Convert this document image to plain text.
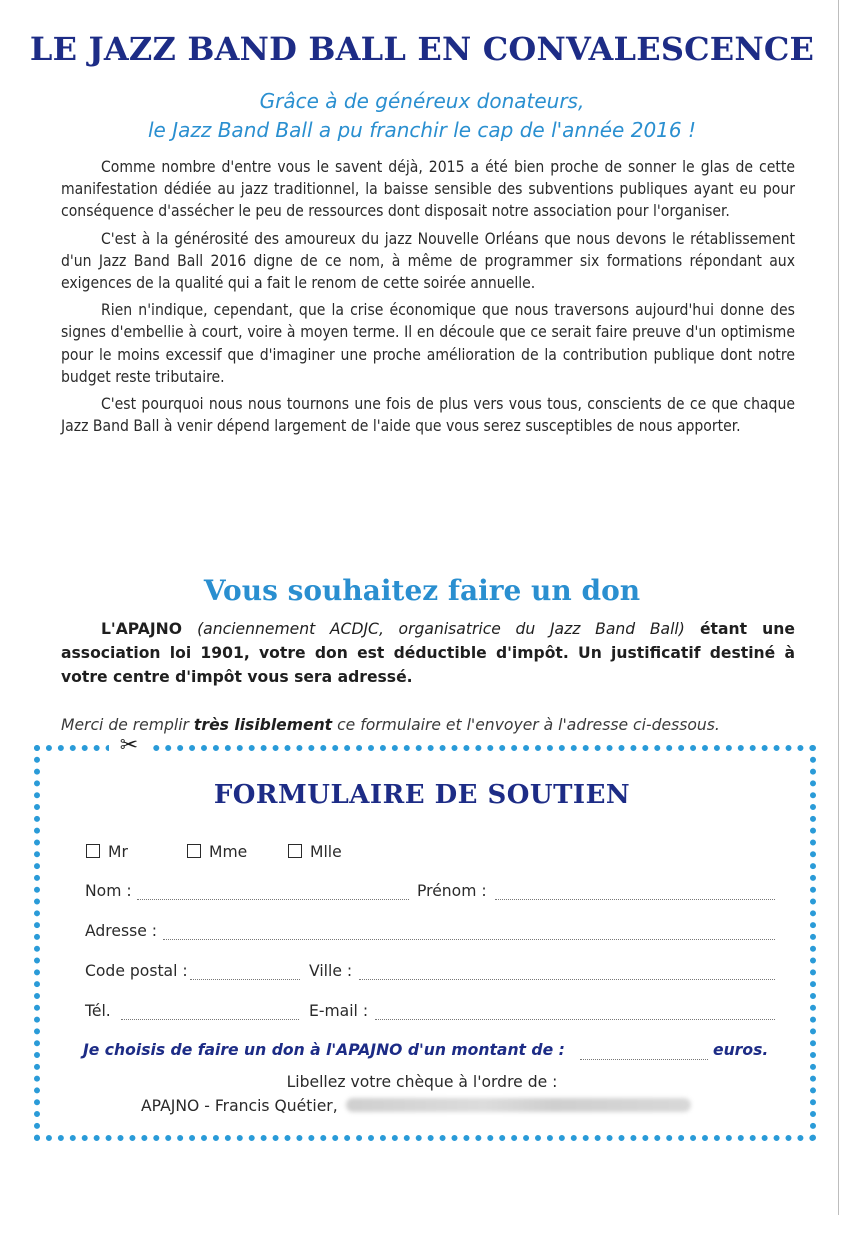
LE JAZZ BAND BALL EN CONVALESCENCE
Grâce à de généreux donateurs,
le Jazz Band Ball a pu franchir le cap de l'année 2016 !

Comme nombre d'entre vous le savent déjà, 2015 a été bien proche de sonner le glas de cette manifestation dédiée au jazz traditionnel, la baisse sensible des subventions publiques ayant eu pour conséquence d'assécher le peu de ressources dont disposait notre association pour l'organiser.

C'est à la générosité des amoureux du jazz Nouvelle Orléans que nous devons le rétablissement d'un Jazz Band Ball 2016 digne de ce nom, à même de programmer six formations répondant aux exigences de la qualité qui a fait le renom de cette soirée annuelle.

Rien n'indique, cependant, que la crise économique que nous traversons aujourd'hui donne des signes d'embellie à court, voire à moyen terme. Il en découle que ce serait faire preuve d'un optimisme pour le moins excessif que d'imaginer une proche amélioration de la contribution publique dont notre budget reste tributaire.

C'est pourquoi nous nous tournons une fois de plus vers vous tous, conscients de ce que chaque Jazz Band Ball à venir dépend largement de l'aide que vous serez susceptibles de nous apporter.

Vous souhaitez faire un don

L'APAJNO (anciennement ACDJC, organisatrice du Jazz Band Ball) étant une association loi 1901, votre don est déductible d'impôt. Un justificatif destiné à votre centre d'impôt vous sera adressé.

Merci de remplir très lisiblement ce formulaire et l'envoyer à l'adresse ci-dessous.

✂
FORMULAIRE DE SOUTIEN
Mr	Mme	Mlle
Nom :	Prénom :
Adresse :
Code postal :	Ville :
Tél.	E-mail :
Je choisis de faire un don à l'APAJNO d'un montant de :	euros.
Libellez votre chèque à l'ordre de :
APAJNO - Francis Quétier,
